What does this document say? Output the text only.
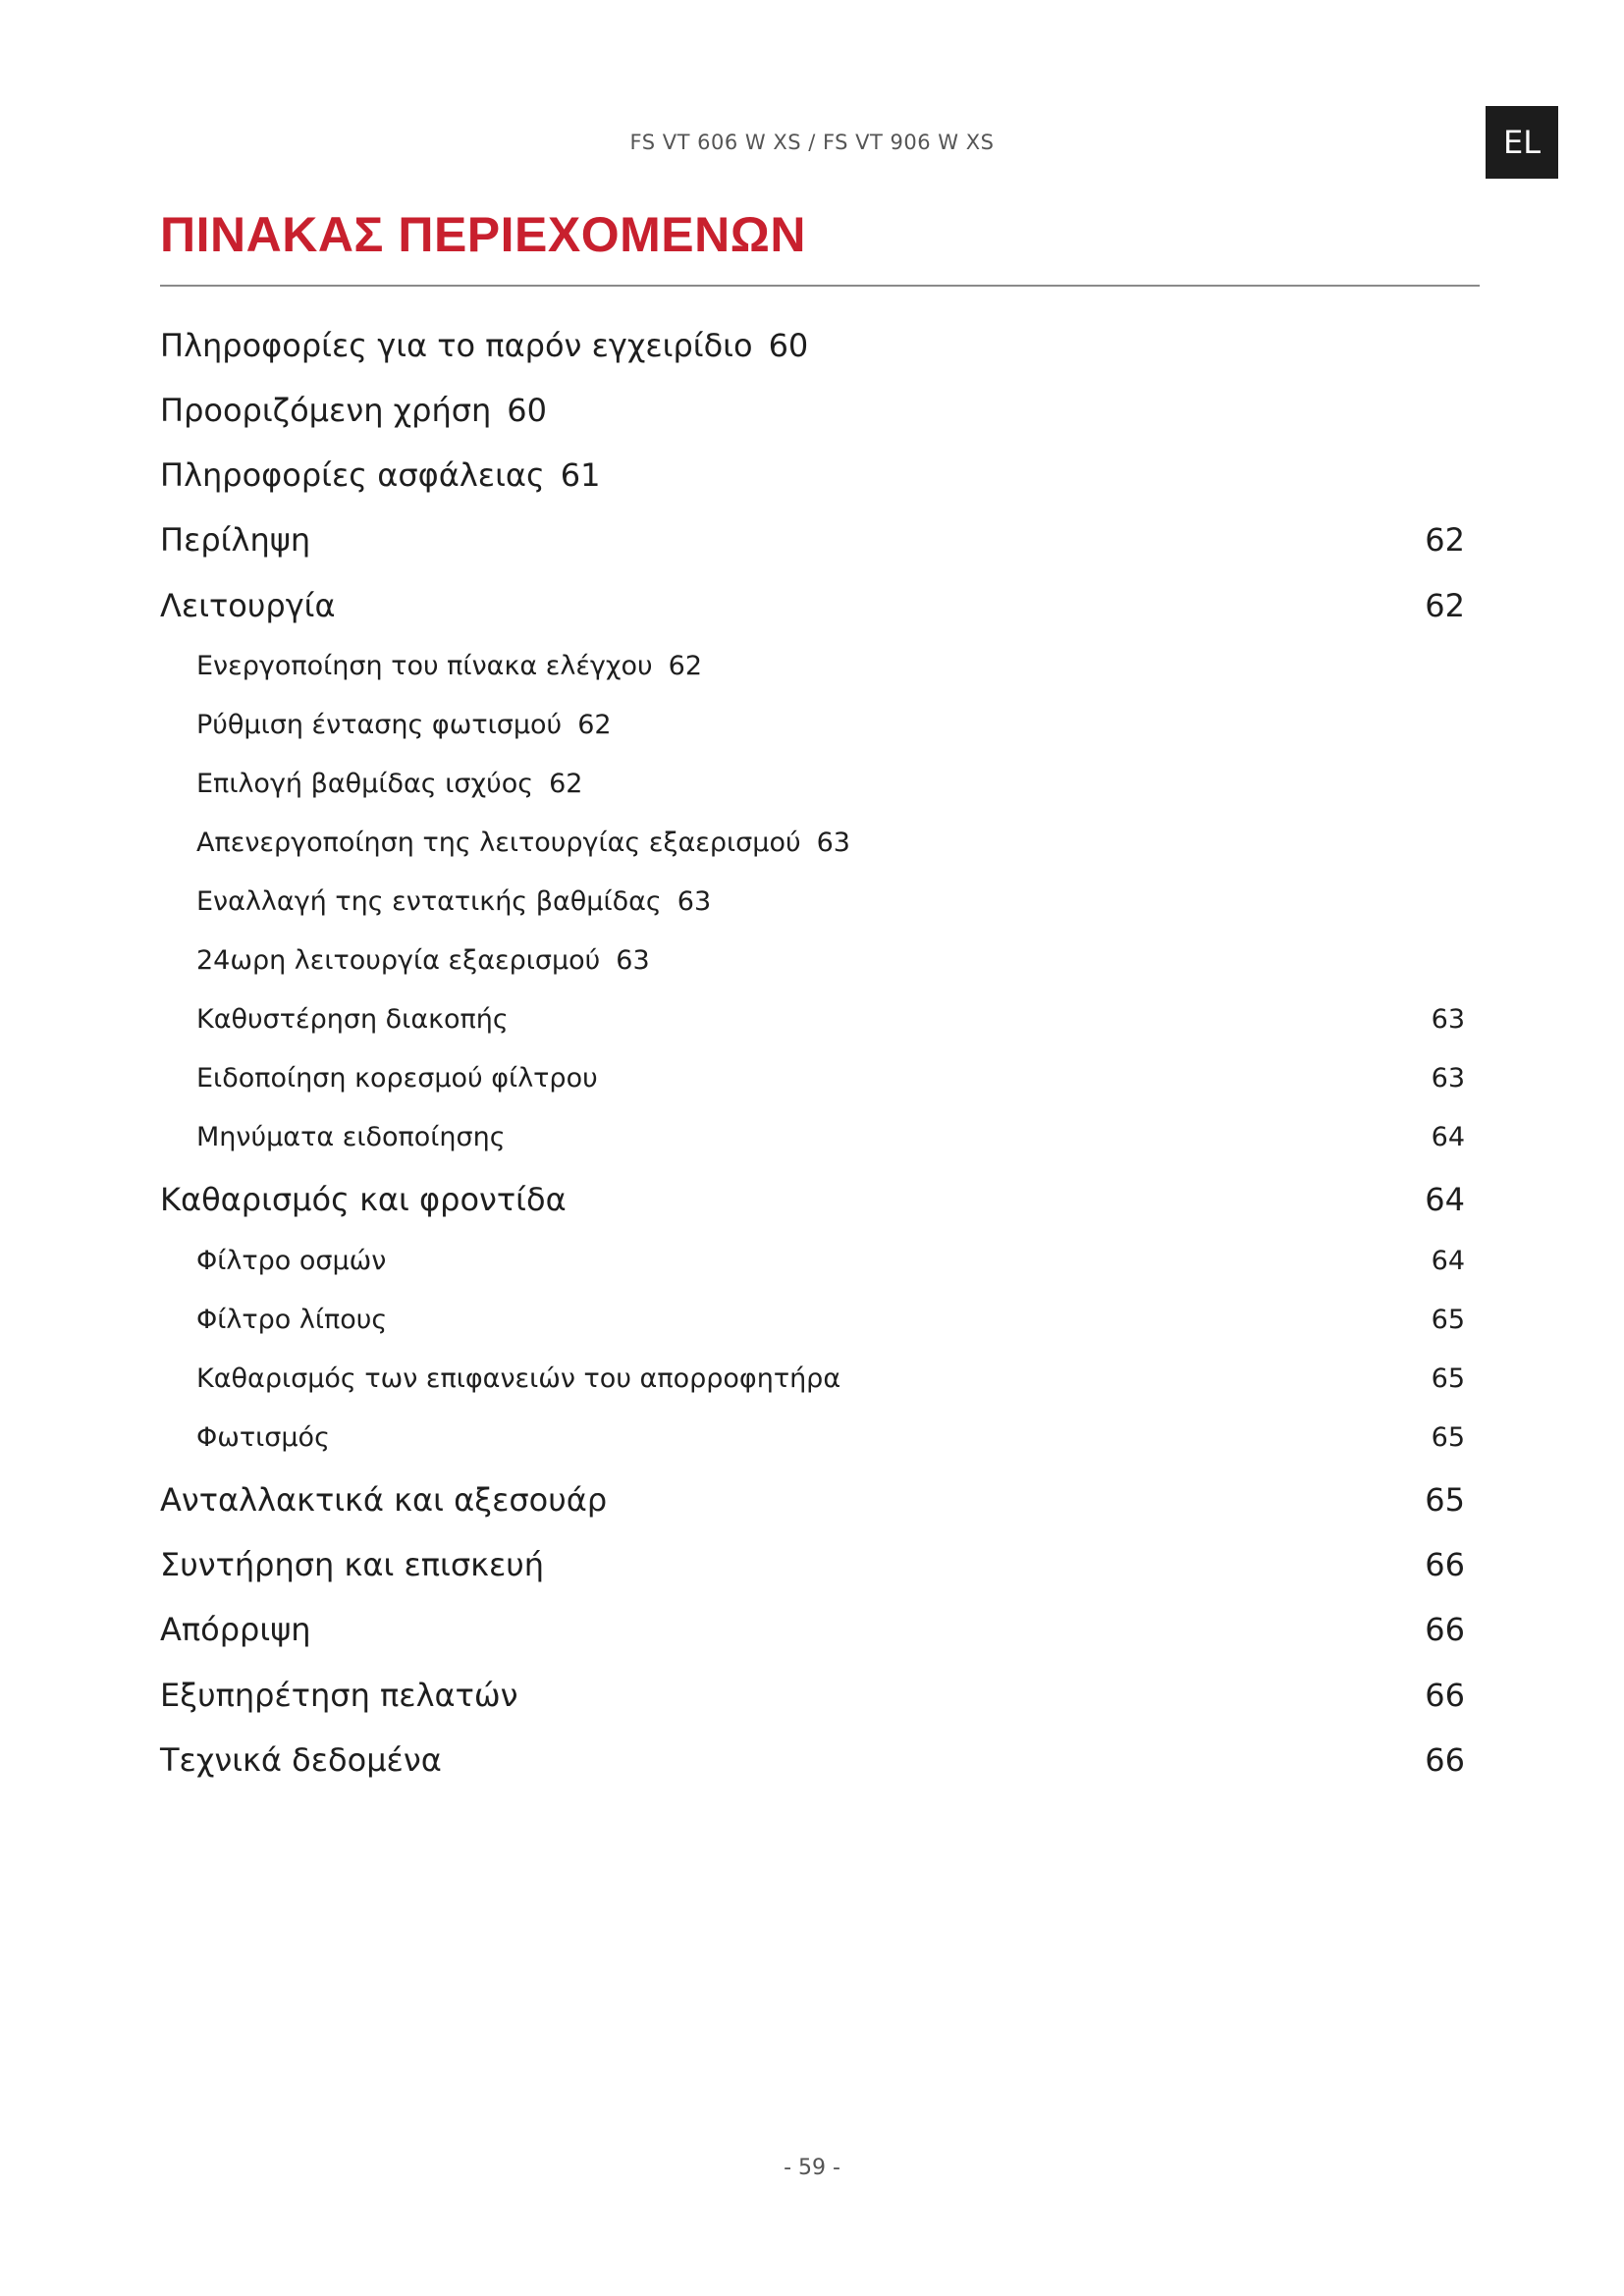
FS VT 606 W XS / FS VT 906 W XS	EL
ΠΙΝΑΚΑΣ ΠΕΡΙΕΧΟΜΕΝΩΝ
Πληροφορίες για το παρόν εγχειρίδιο 60
Προοριζόμενη χρήση 60
Πληροφορίες ασφάλειας 61
Περίληψη	62
Λειτουργία	62
Ενεργοποίηση του πίνακα ελέγχου 62
Ρύθμιση έντασης φωτισμού 62
Επιλογή βαθμίδας ισχύος 62
Απενεργοποίηση της λειτουργίας εξαερισμού 63
Εναλλαγή της εντατικής βαθμίδας 63
24ωρη λειτουργία εξαερισμού 63
Καθυστέρηση διακοπής	63
Ειδοποίηση κορεσμού φίλτρου	63
Μηνύματα ειδοποίησης	64
Καθαρισμός και φροντίδα	64
Φίλτρο οσμών	64
Φίλτρο λίπους	65
Καθαρισμός των επιφανειών του απορροφητήρα	65
Φωτισμός	65
Ανταλλακτικά και αξεσουάρ	65
Συντήρηση και επισκευή	66
Απόρριψη	66
Εξυπηρέτηση πελατών	66
Τεχνικά δεδομένα	66
- 59 -
